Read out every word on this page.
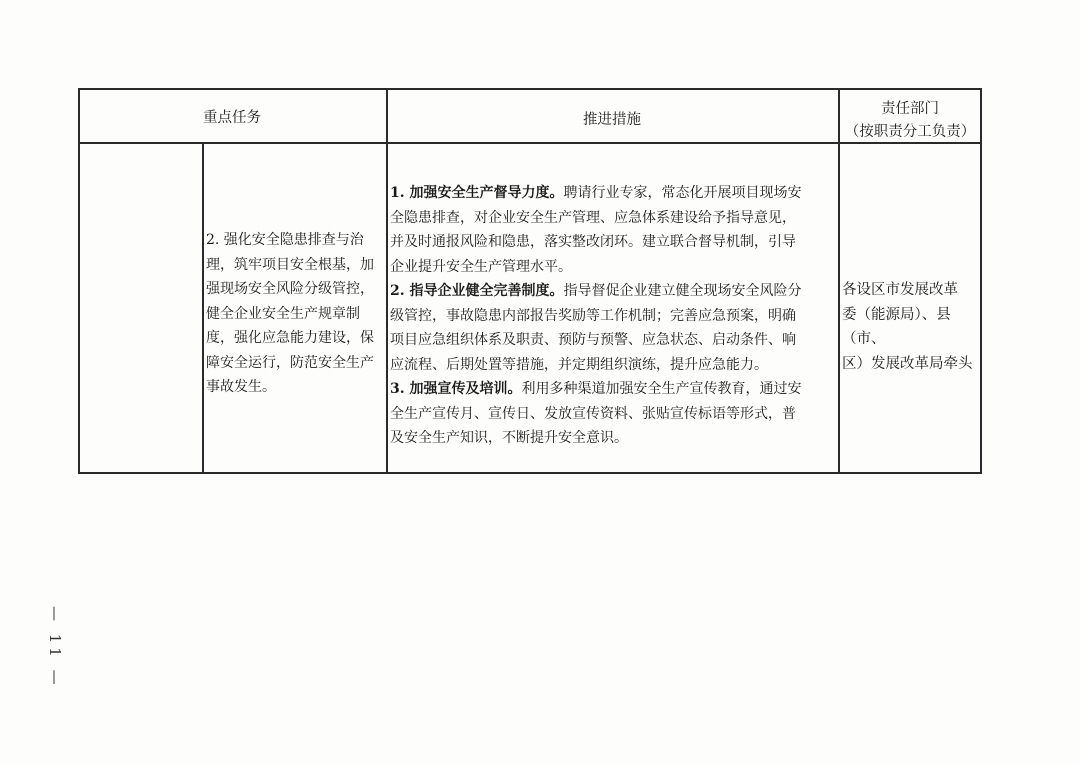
重点任务	推进措施
责任部门
（按职责分工负责）
2. 强化安全隐患排查与治
理，筑牢项目安全根基，加
强现场安全风险分级管控，
健全企业安全生产规章制
度，强化应急能力建设，保
障安全运行，防范安全生产
事故发生。
1. 加强安全生产督导力度。聘请行业专家，常态化开展项目现场安
全隐患排查，对企业安全生产管理、应急体系建设给予指导意见，
并及时通报风险和隐患，落实整改闭环。建立联合督导机制，引导
企业提升安全生产管理水平。
2. 指导企业健全完善制度。指导督促企业建立健全现场安全风险分
级管控，事故隐患内部报告奖励等工作机制；完善应急预案，明确
项目应急组织体系及职责、预防与预警、应急状态、启动条件、响
应流程、后期处置等措施，并定期组织演练，提升应急能力。
3. 加强宣传及培训。利用多种渠道加强安全生产宣传教育，通过安
全生产宣传月、宣传日、发放宣传资料、张贴宣传标语等形式，普
及安全生产知识，不断提升安全意识。
各设区市发展改革
委（能源局）、县（市、
区）发展改革局牵头
— 11 —
